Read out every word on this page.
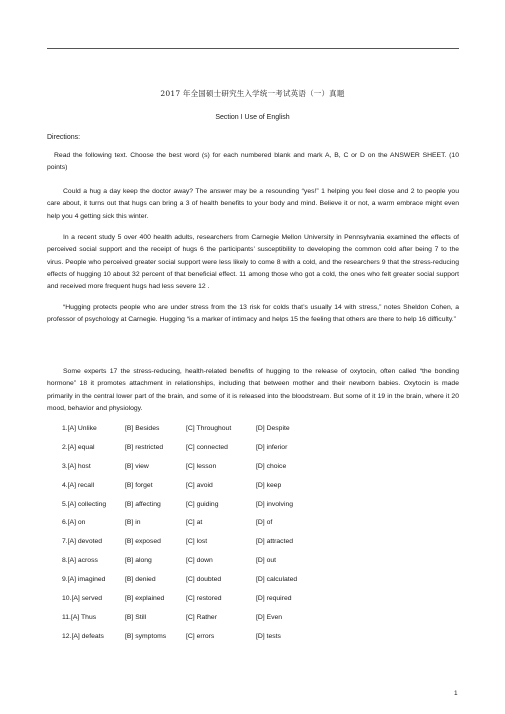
2017 年全国硕士研究生入学统一考试英语（一）真题
Section I Use of English
Directions:

Read the following text. Choose the best word (s) for each numbered blank and mark A, B, C or D on the ANSWER SHEET. (10 points)

Could a hug a day keep the doctor away? The answer may be a resounding “yes!” 1 helping you feel close and 2 to people you care about, it turns out that hugs can bring a 3 of health benefits to your body and mind. Believe it or not, a warm embrace might even help you 4 getting sick this winter.

In a recent study 5 over 400 health adults, researchers from Carnegie Mellon University in Pennsylvania examined the effects of perceived social support and the receipt of hugs 6 the participants’ susceptibility to developing the common cold after being 7 to the virus. People who perceived greater social support were less likely to come 8 with a cold, and the researchers 9 that the stress-reducing effects of hugging 10 about 32 percent of that beneficial effect. 11 among those who got a cold, the ones who felt greater social support and received more frequent hugs had less severe 12 .

“Hugging protects people who are under stress from the 13 risk for colds that’s usually 14 with stress,” notes Sheldon Cohen, a professor of psychology at Carnegie. Hugging “is a marker of intimacy and helps 15 the feeling that others are there to help 16 difficulty.”

Some experts 17 the stress-reducing, health-related benefits of hugging to the release of oxytocin, often called “the bonding hormone” 18 it promotes attachment in relationships, including that between mother and their newborn babies. Oxytocin is made primarily in the central lower part of the brain, and some of it is released into the bloodstream. But some of it 19 in the brain, where it 20 mood, behavior and physiology.

1.[A] Unlike	[B] Besides	[C] Throughout	[D] Despite
2.[A] equal	[B] restricted	[C] connected	[D] inferior
3.[A] host	[B] view	[C] lesson	[D] choice
4.[A] recall	[B] forget	[C] avoid	[D] keep
5.[A] collecting	[B] affecting	[C] guiding	[D] involving
6.[A] on	[B] in	[C] at	[D] of
7.[A] devoted	[B] exposed	[C] lost	[D] attracted
8.[A] across	[B] along	[C] down	[D] out
9.[A] imagined	[B] denied	[C] doubted	[D] calculated
10.[A] served	[B] explained	[C] restored	[D] required
11.[A] Thus	[B] Still	[C] Rather	[D] Even
12.[A] defeats	[B] symptoms	[C] errors	[D] tests
1
